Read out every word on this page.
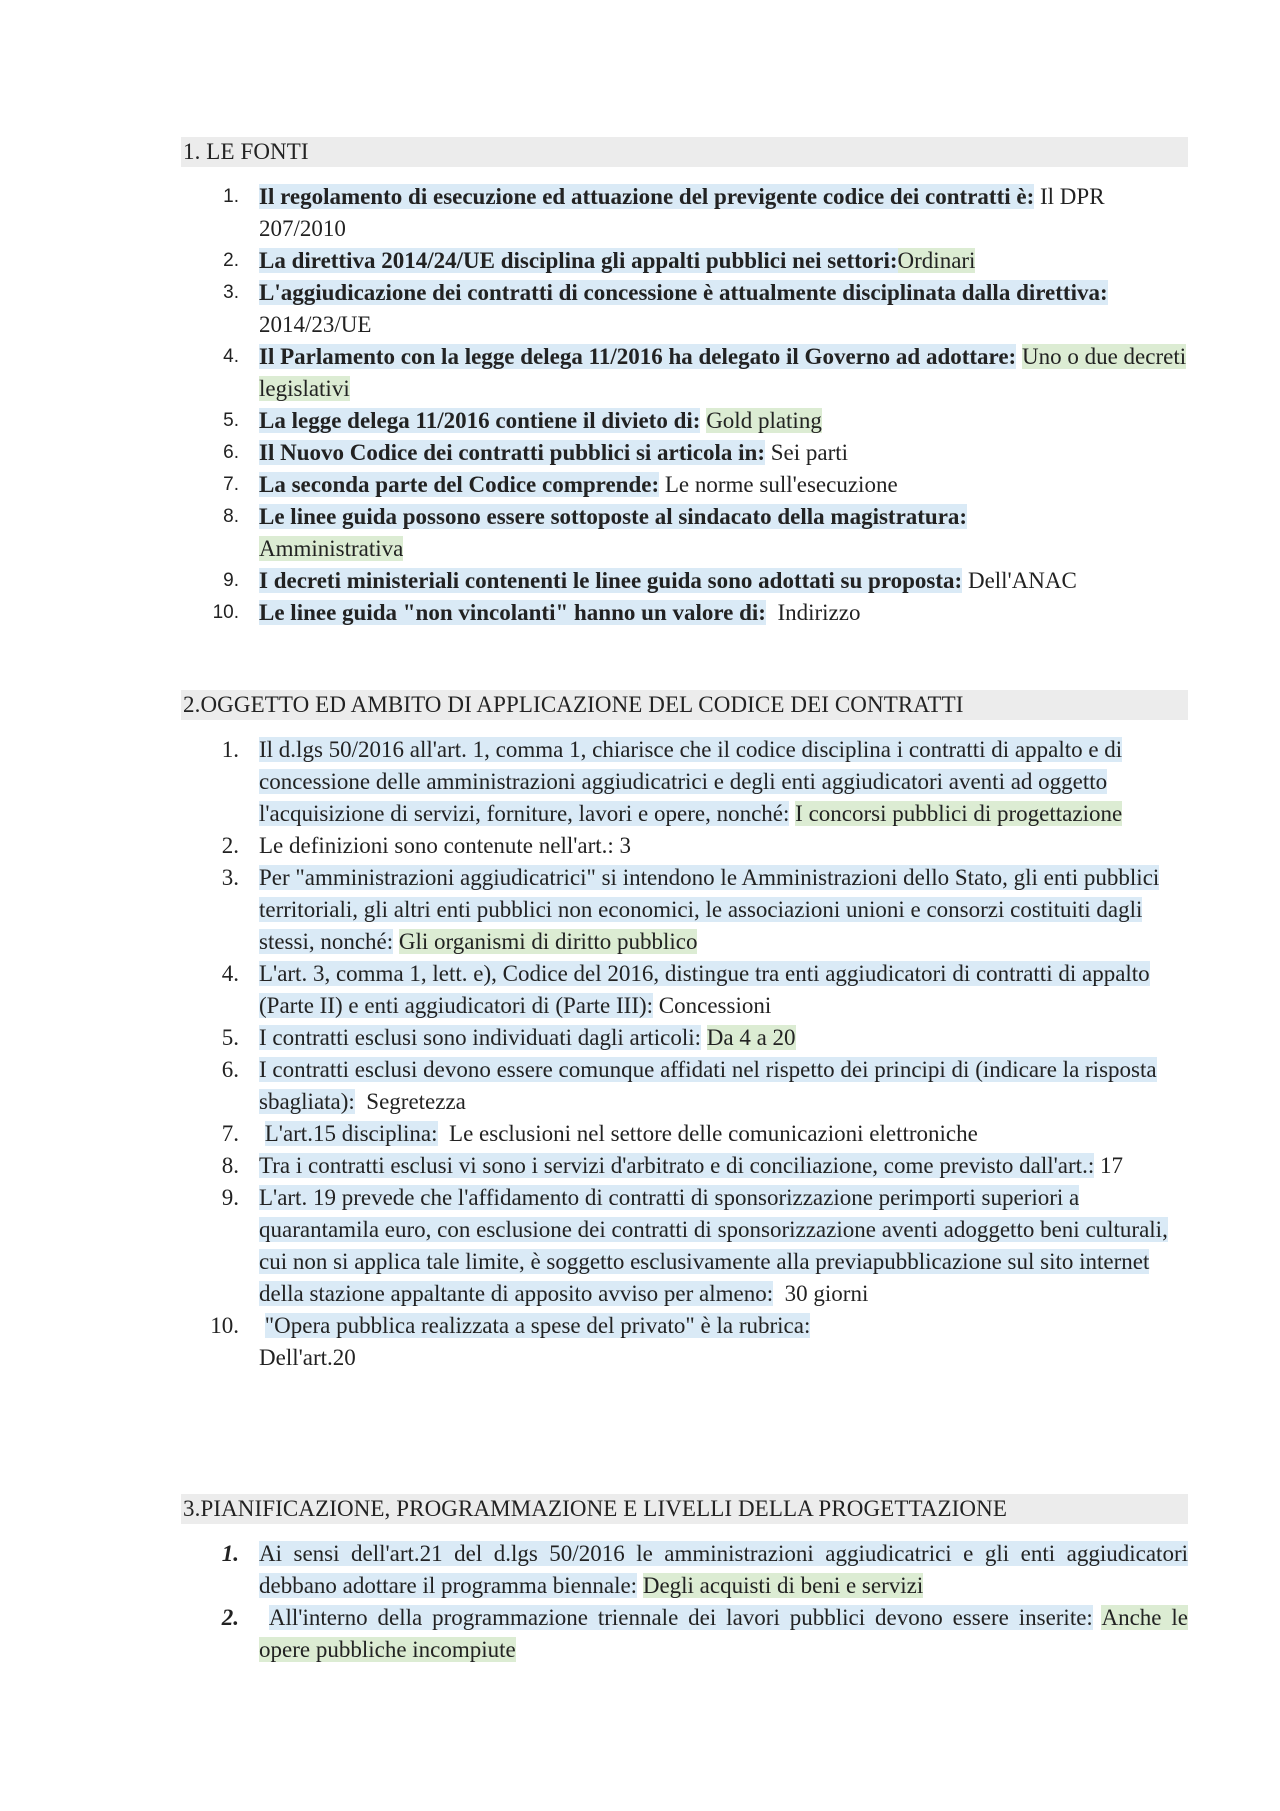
1. LE FONTI
1. Il regolamento di esecuzione ed attuazione del previgente codice dei contratti è: Il DPR 207/2010
2. La direttiva 2014/24/UE disciplina gli appalti pubblici nei settori:Ordinari
3. L'aggiudicazione dei contratti di concessione è attualmente disciplinata dalla direttiva:
2014/23/UE
4. Il Parlamento con la legge delega 11/2016 ha delegato il Governo ad adottare: Uno o due decreti legislativi
5. La legge delega 11/2016 contiene il divieto di: Gold plating
6. Il Nuovo Codice dei contratti pubblici si articola in: Sei parti
7. La seconda parte del Codice comprende: Le norme sull'esecuzione
8. Le linee guida possono essere sottoposte al sindacato della magistratura:
Amministrativa
9. I decreti ministeriali contenenti le linee guida sono adottati su proposta: Dell'ANAC
10. Le linee guida "non vincolanti" hanno un valore di: Indirizzo
2.OGGETTO ED AMBITO DI APPLICAZIONE DEL CODICE DEI CONTRATTI
1. Il d.lgs 50/2016 all'art. 1, comma 1, chiarisce che il codice disciplina i contratti di appalto e di concessione delle amministrazioni aggiudicatrici e degli enti aggiudicatori aventi ad oggetto l'acquisizione di servizi, forniture, lavori e opere, nonché: I concorsi pubblici di progettazione
2. Le definizioni sono contenute nell'art.: 3
3. Per "amministrazioni aggiudicatrici" si intendono le Amministrazioni dello Stato, gli enti pubblici territoriali, gli altri enti pubblici non economici, le associazioni unioni e consorzi costituiti dagli stessi, nonché: Gli organismi di diritto pubblico
4. L'art. 3, comma 1, lett. e), Codice del 2016, distingue tra enti aggiudicatori di contratti di appalto (Parte II) e enti aggiudicatori di (Parte III): Concessioni
5. I contratti esclusi sono individuati dagli articoli: Da 4 a 20
6. I contratti esclusi devono essere comunque affidati nel rispetto dei principi di (indicare la risposta sbagliata): Segretezza
7. L'art.15 disciplina: Le esclusioni nel settore delle comunicazioni elettroniche
8. Tra i contratti esclusi vi sono i servizi d'arbitrato e di conciliazione, come previsto dall'art.: 17
9. L'art. 19 prevede che l'affidamento di contratti di sponsorizzazione perimporti superiori a quarantamila euro, con esclusione dei contratti di sponsorizzazione aventi adoggetto beni culturali, cui non si applica tale limite, è soggetto esclusivamente alla previapubblicazione sul sito internet della stazione appaltante di apposito avviso per almeno: 30 giorni
10. "Opera pubblica realizzata a spese del privato" è la rubrica:
Dell'art.20
3.PIANIFICAZIONE, PROGRAMMAZIONE E LIVELLI DELLA PROGETTAZIONE
1. Ai sensi dell'art.21 del d.lgs 50/2016 le amministrazioni aggiudicatrici e gli enti aggiudicatori debbano adottare il programma biennale: Degli acquisti di beni e servizi
2. All'interno della programmazione triennale dei lavori pubblici devono essere inserite: Anche le opere pubbliche incompiute
